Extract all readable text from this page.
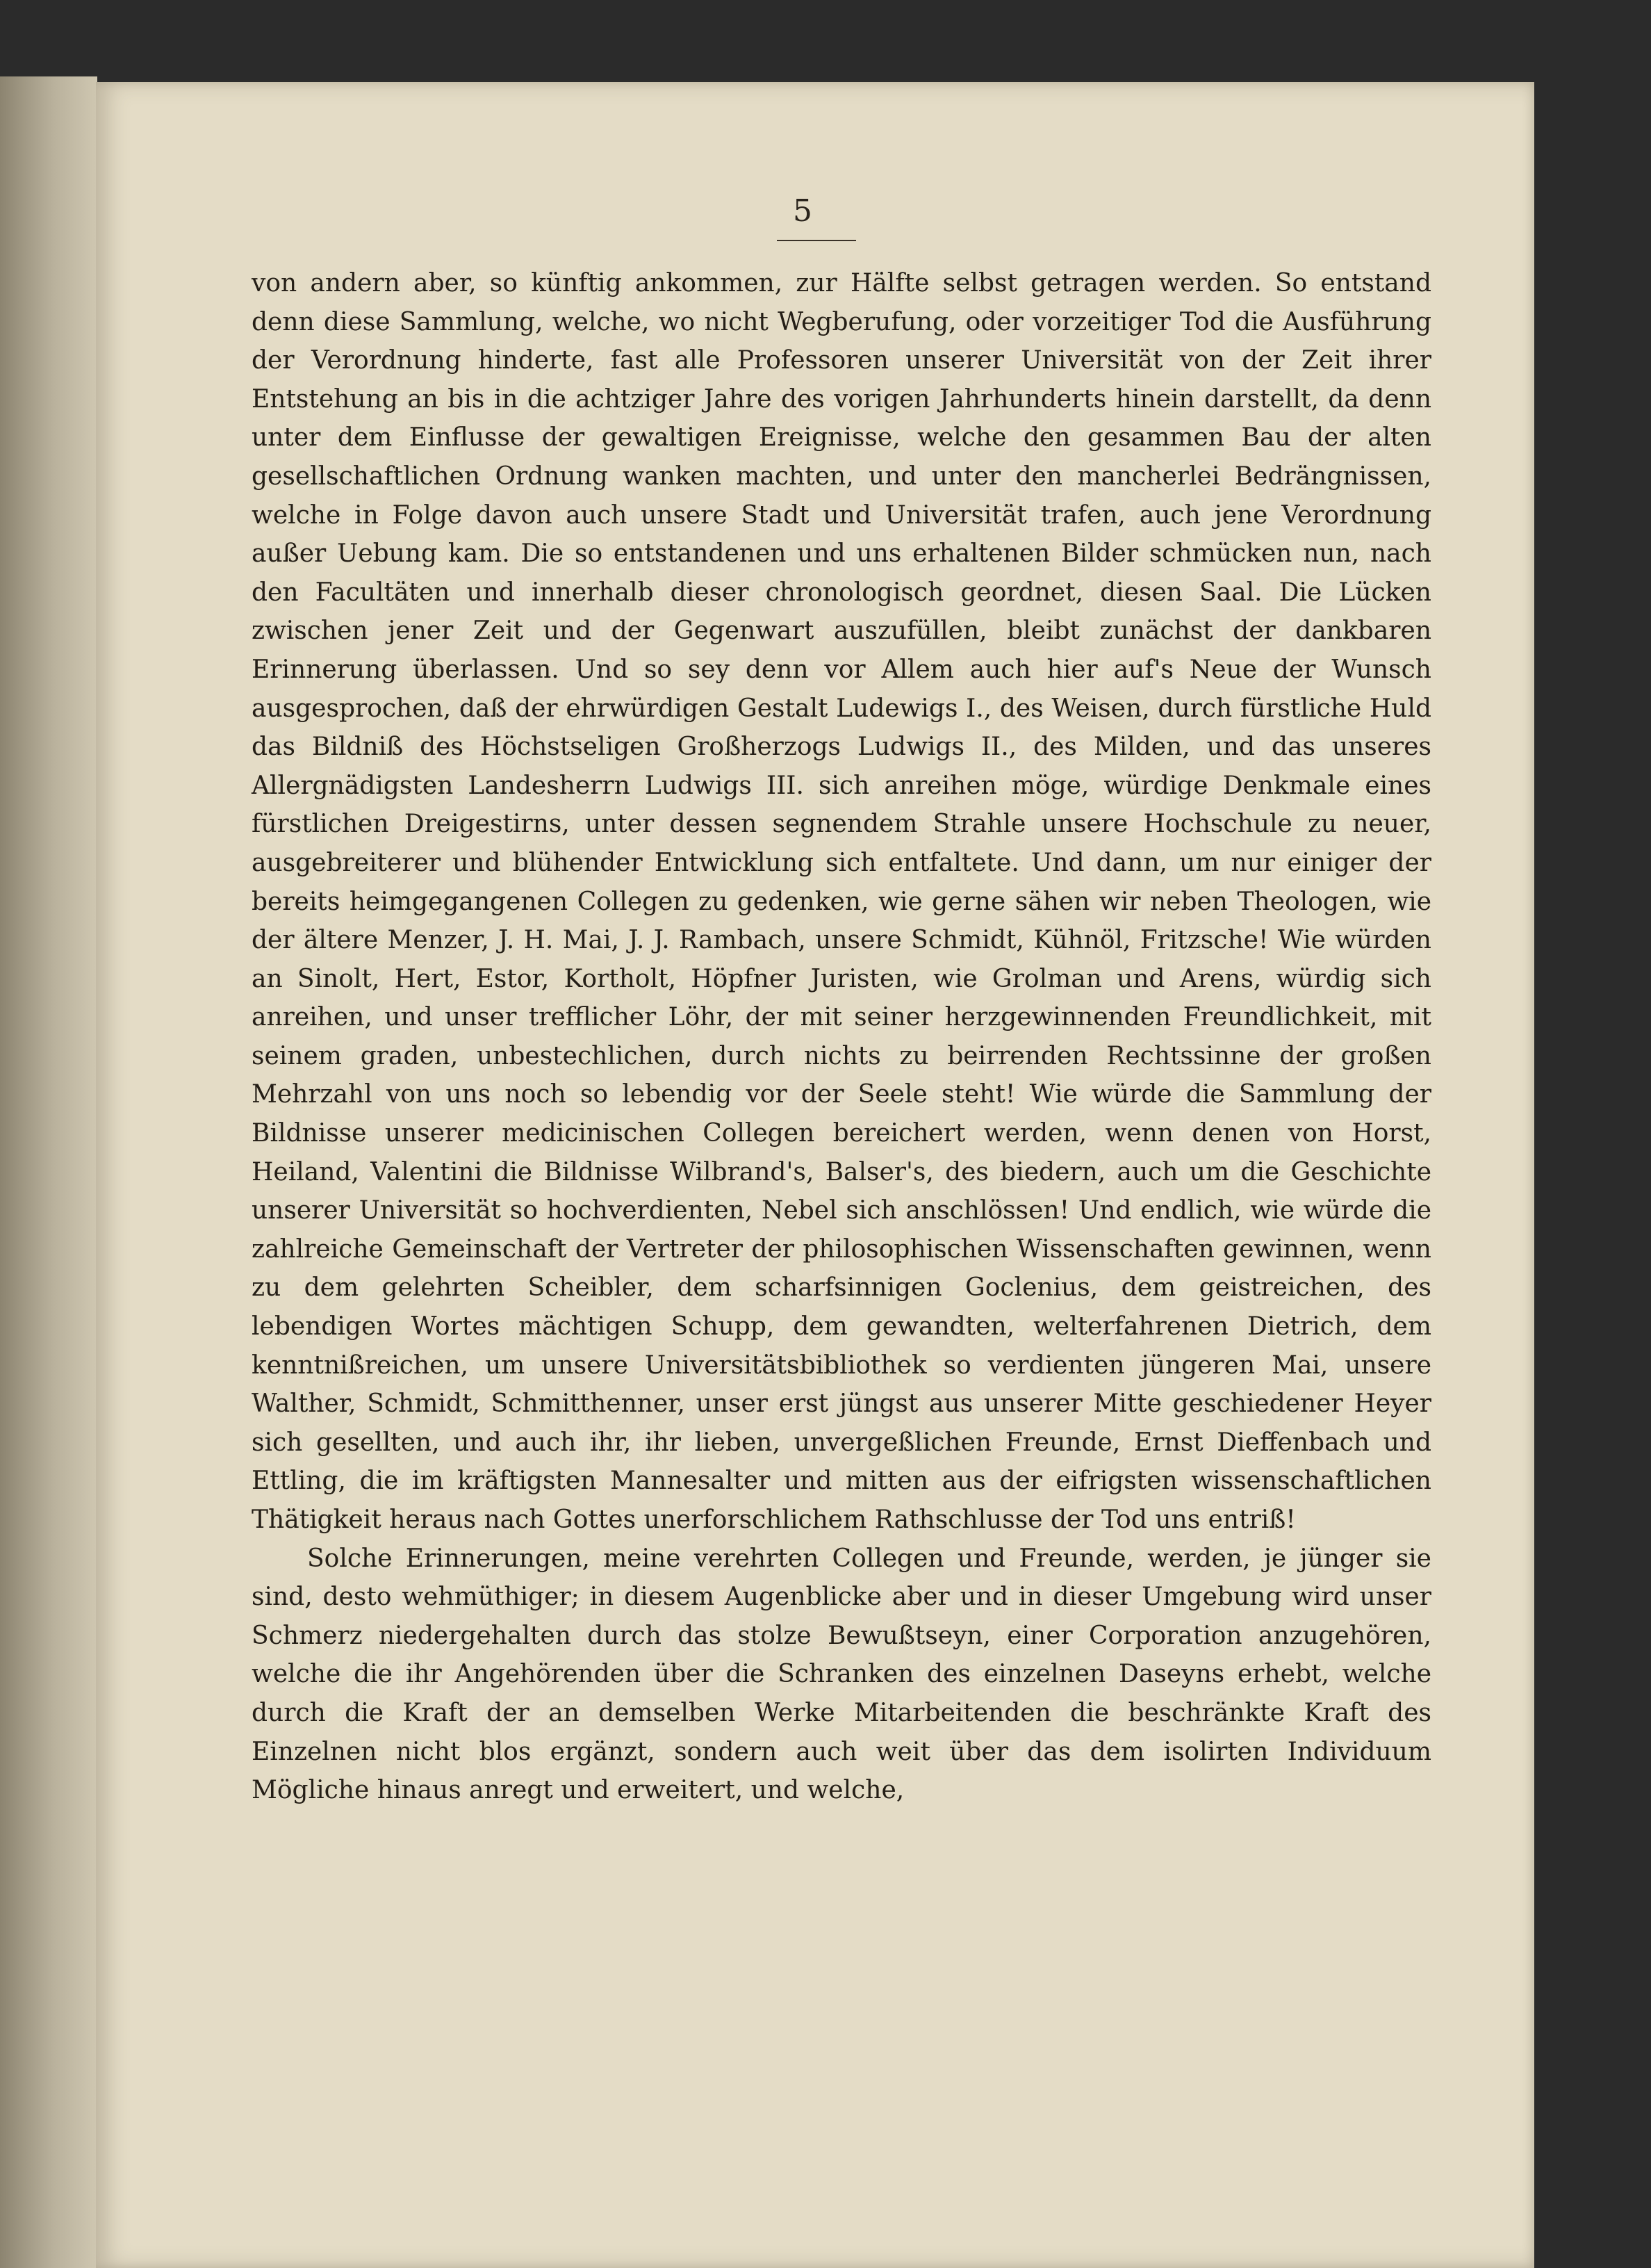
5

von andern aber, so künftig ankommen, zur Hälfte selbst getragen werden. So entstand denn diese Sammlung, welche, wo nicht Wegberufung, oder vorzeitiger Tod die Ausführung der Verordnung hinderte, fast alle Professoren unserer Universität von der Zeit ihrer Entstehung an bis in die achtziger Jahre des vorigen Jahrhunderts hinein darstellt, da denn unter dem Einflusse der gewaltigen Ereignisse, welche den gesammen Bau der alten gesellschaftlichen Ordnung wanken machten, und unter den mancherlei Bedrängnissen, welche in Folge davon auch unsere Stadt und Universität trafen, auch jene Verordnung außer Uebung kam. Die so entstandenen und uns erhaltenen Bilder schmücken nun, nach den Facultäten und innerhalb dieser chronologisch geordnet, diesen Saal. Die Lücken zwischen jener Zeit und der Gegenwart auszufüllen, bleibt zunächst der dankbaren Erinnerung überlassen. Und so sey denn vor Allem auch hier auf's Neue der Wunsch ausgesprochen, daß der ehrwürdigen Gestalt Ludewigs I., des Weisen, durch fürstliche Huld das Bildniß des Höchstseligen Großherzogs Ludwigs II., des Milden, und das unseres Allergnädigsten Landesherrn Ludwigs III. sich anreihen möge, würdige Denkmale eines fürstlichen Dreigestirns, unter dessen segnendem Strahle unsere Hochschule zu neuer, ausgebreiterer und blühender Entwicklung sich entfaltete. Und dann, um nur einiger der bereits heimgegangenen Collegen zu gedenken, wie gerne sähen wir neben Theologen, wie der ältere Menzer, J. H. Mai, J. J. Rambach, unsere Schmidt, Kühnöl, Fritzsche! Wie würden an Sinolt, Hert, Estor, Kortholt, Höpfner Juristen, wie Grolman und Arens, würdig sich anreihen, und unser trefflicher Löhr, der mit seiner herzgewinnenden Freundlichkeit, mit seinem graden, unbestechlichen, durch nichts zu beirrenden Rechtssinne der großen Mehrzahl von uns noch so lebendig vor der Seele steht! Wie würde die Sammlung der Bildnisse unserer medicinischen Collegen bereichert werden, wenn denen von Horst, Heiland, Valentini die Bildnisse Wilbrand's, Balser's, des biedern, auch um die Geschichte unserer Universität so hochverdienten, Nebel sich anschlössen! Und endlich, wie würde die zahlreiche Gemeinschaft der Vertreter der philosophischen Wissenschaften gewinnen, wenn zu dem gelehrten Scheibler, dem scharfsinnigen Goclenius, dem geistreichen, des lebendigen Wortes mächtigen Schupp, dem gewandten, welterfahrenen Dietrich, dem kenntnißreichen, um unsere Universitätsbibliothek so verdienten jüngeren Mai, unsere Walther, Schmidt, Schmitthenner, unser erst jüngst aus unserer Mitte geschiedener Heyer sich gesellten, und auch ihr, ihr lieben, unvergeßlichen Freunde, Ernst Dieffenbach und Ettling, die im kräftigsten Mannesalter und mitten aus der eifrigsten wissenschaftlichen Thätigkeit heraus nach Gottes unerforschlichem Rathschlusse der Tod uns entriß!

Solche Erinnerungen, meine verehrten Collegen und Freunde, werden, je jünger sie sind, desto wehmüthiger; in diesem Augenblicke aber und in dieser Umgebung wird unser Schmerz niedergehalten durch das stolze Bewußtseyn, einer Corporation anzugehören, welche die ihr Angehörenden über die Schranken des einzelnen Daseyns erhebt, welche durch die Kraft der an demselben Werke Mitarbeitenden die beschränkte Kraft des Einzelnen nicht blos ergänzt, sondern auch weit über das dem isolirten Individuum Mögliche hinaus anregt und erweitert, und welche,
